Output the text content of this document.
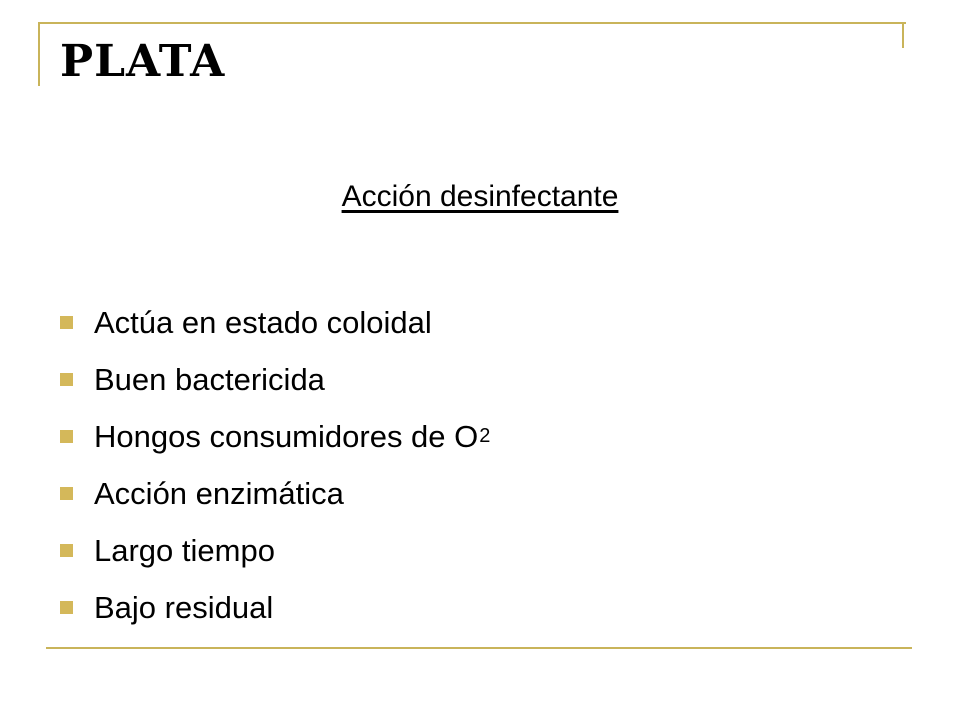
PLATA
Acción desinfectante
Actúa en estado coloidal
Buen bactericida
Hongos consumidores de O 2
Acción enzimática
Largo tiempo
Bajo residual
